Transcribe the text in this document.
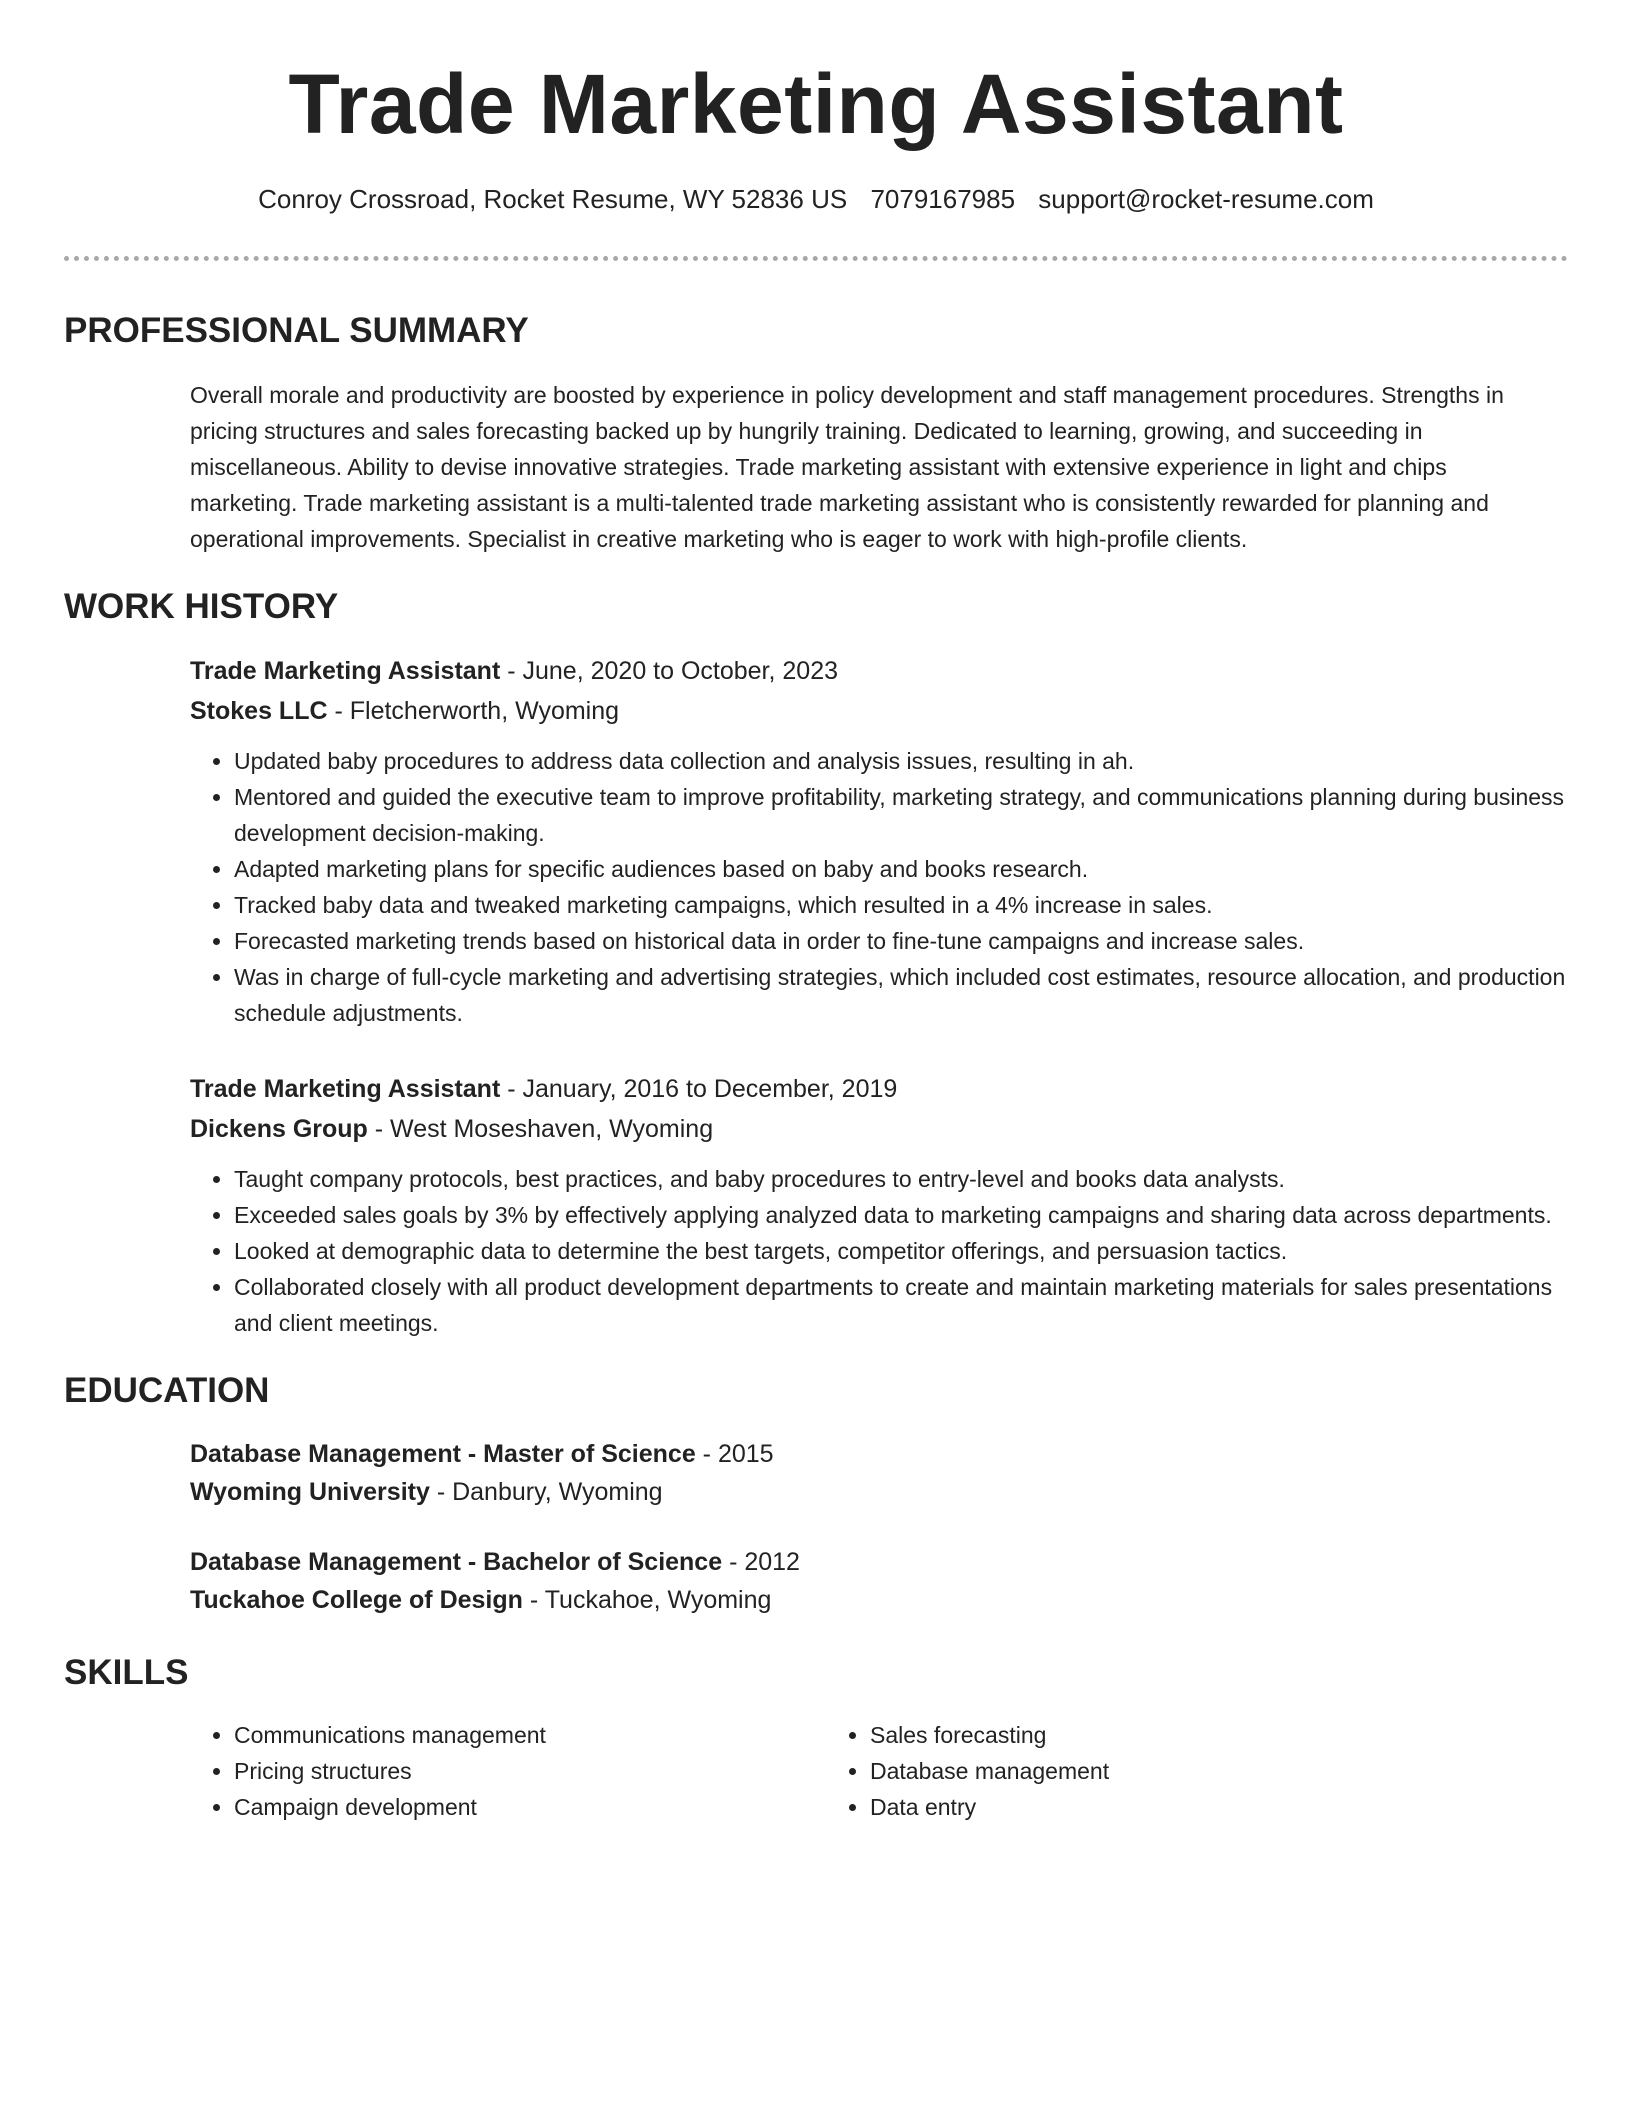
Trade Marketing Assistant
Conroy Crossroad, Rocket Resume, WY 52836 US 7079167985 support@rocket-resume.com
PROFESSIONAL SUMMARY

Overall morale and productivity are boosted by experience in policy development and staff management procedures. Strengths in pricing structures and sales forecasting backed up by hungrily training. Dedicated to learning, growing, and succeeding in miscellaneous. Ability to devise innovative strategies. Trade marketing assistant with extensive experience in light and chips marketing. Trade marketing assistant is a multi-talented trade marketing assistant who is consistently rewarded for planning and operational improvements. Specialist in creative marketing who is eager to work with high-profile clients.

WORK HISTORY
Trade Marketing Assistant - June, 2020 to October, 2023
Stokes LLC - Fletcherworth, Wyoming
• Updated baby procedures to address data collection and analysis issues, resulting in ah.
• Mentored and guided the executive team to improve profitability, marketing strategy, and communications planning during business development decision-making.
• Adapted marketing plans for specific audiences based on baby and books research.
• Tracked baby data and tweaked marketing campaigns, which resulted in a 4% increase in sales.
• Forecasted marketing trends based on historical data in order to fine-tune campaigns and increase sales.
• Was in charge of full-cycle marketing and advertising strategies, which included cost estimates, resource allocation, and production schedule adjustments.
Trade Marketing Assistant - January, 2016 to December, 2019
Dickens Group - West Moseshaven, Wyoming
• Taught company protocols, best practices, and baby procedures to entry-level and books data analysts.
• Exceeded sales goals by 3% by effectively applying analyzed data to marketing campaigns and sharing data across departments.
• Looked at demographic data to determine the best targets, competitor offerings, and persuasion tactics.
• Collaborated closely with all product development departments to create and maintain marketing materials for sales presentations and client meetings.
EDUCATION
Database Management - Master of Science - 2015
Wyoming University - Danbury, Wyoming
Database Management - Bachelor of Science - 2012
Tuckahoe College of Design - Tuckahoe, Wyoming
SKILLS
• Communications management
• Pricing structures
• Campaign development
• Sales forecasting
• Database management
• Data entry
